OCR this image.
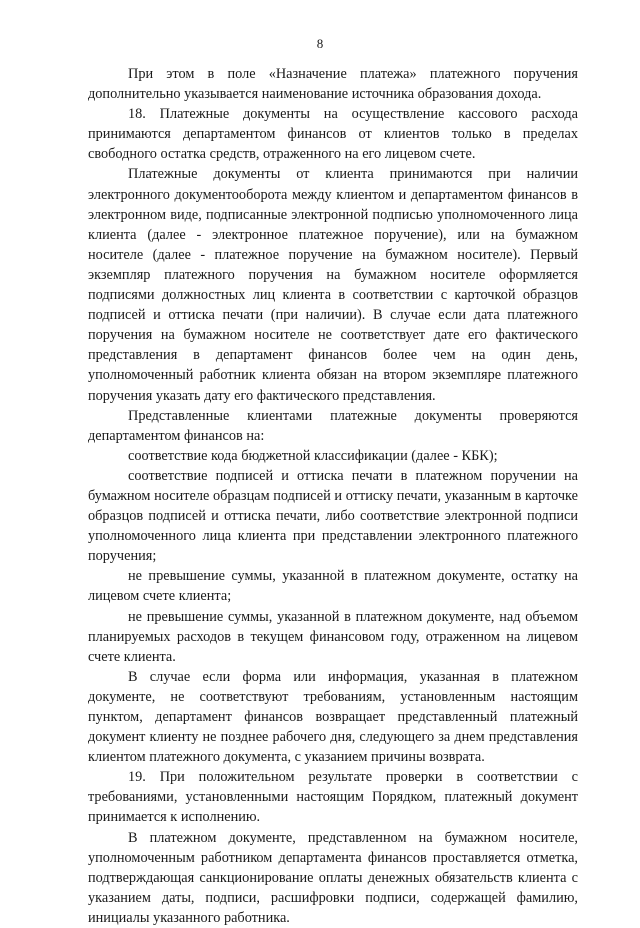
8

При этом в поле «Назначение платежа» платежного поручения дополнительно указывается наименование источника образования дохода.

18. Платежные документы на осуществление кассового расхода принимаются департаментом финансов от клиентов только в пределах свободного остатка средств, отраженного на его лицевом счете.

Платежные документы от клиента принимаются при наличии электронного документооборота между клиентом и департаментом финансов в электронном виде, подписанные электронной подписью уполномоченного лица клиента (далее - электронное платежное поручение), или на бумажном носителе (далее - платежное поручение на бумажном носителе). Первый экземпляр платежного поручения на бумажном носителе оформляется подписями должностных лиц клиента в соответствии с карточкой образцов подписей и оттиска печати (при наличии). В случае если дата платежного поручения на бумажном носителе не соответствует дате его фактического представления в департамент финансов более чем на один день, уполномоченный работник клиента обязан на втором экземпляре платежного поручения указать дату его фактического представления.

Представленные клиентами платежные документы проверяются департаментом финансов на:

соответствие кода бюджетной классификации (далее - КБК);

соответствие подписей и оттиска печати в платежном поручении на бумажном носителе образцам подписей и оттиску печати, указанным в карточке образцов подписей и оттиска печати, либо соответствие электронной подписи уполномоченного лица клиента при представлении электронного платежного поручения;

не превышение суммы, указанной в платежном документе, остатку на лицевом счете клиента;

не превышение суммы, указанной в платежном документе, над объемом планируемых расходов в текущем финансовом году, отраженном на лицевом счете клиента.

В случае если форма или информация, указанная в платежном документе, не соответствуют требованиям, установленным настоящим пунктом, департамент финансов возвращает представленный платежный документ клиенту не позднее рабочего дня, следующего за днем представления клиентом платежного документа, с указанием причины возврата.

19. При положительном результате проверки в соответствии с требованиями, установленными настоящим Порядком, платежный документ принимается к исполнению.

В платежном документе, представленном на бумажном носителе, уполномоченным работником департамента финансов проставляется отметка, подтверждающая санкционирование оплаты денежных обязательств клиента с указанием даты, подписи, расшифровки подписи, содержащей фамилию, инициалы указанного работника.
